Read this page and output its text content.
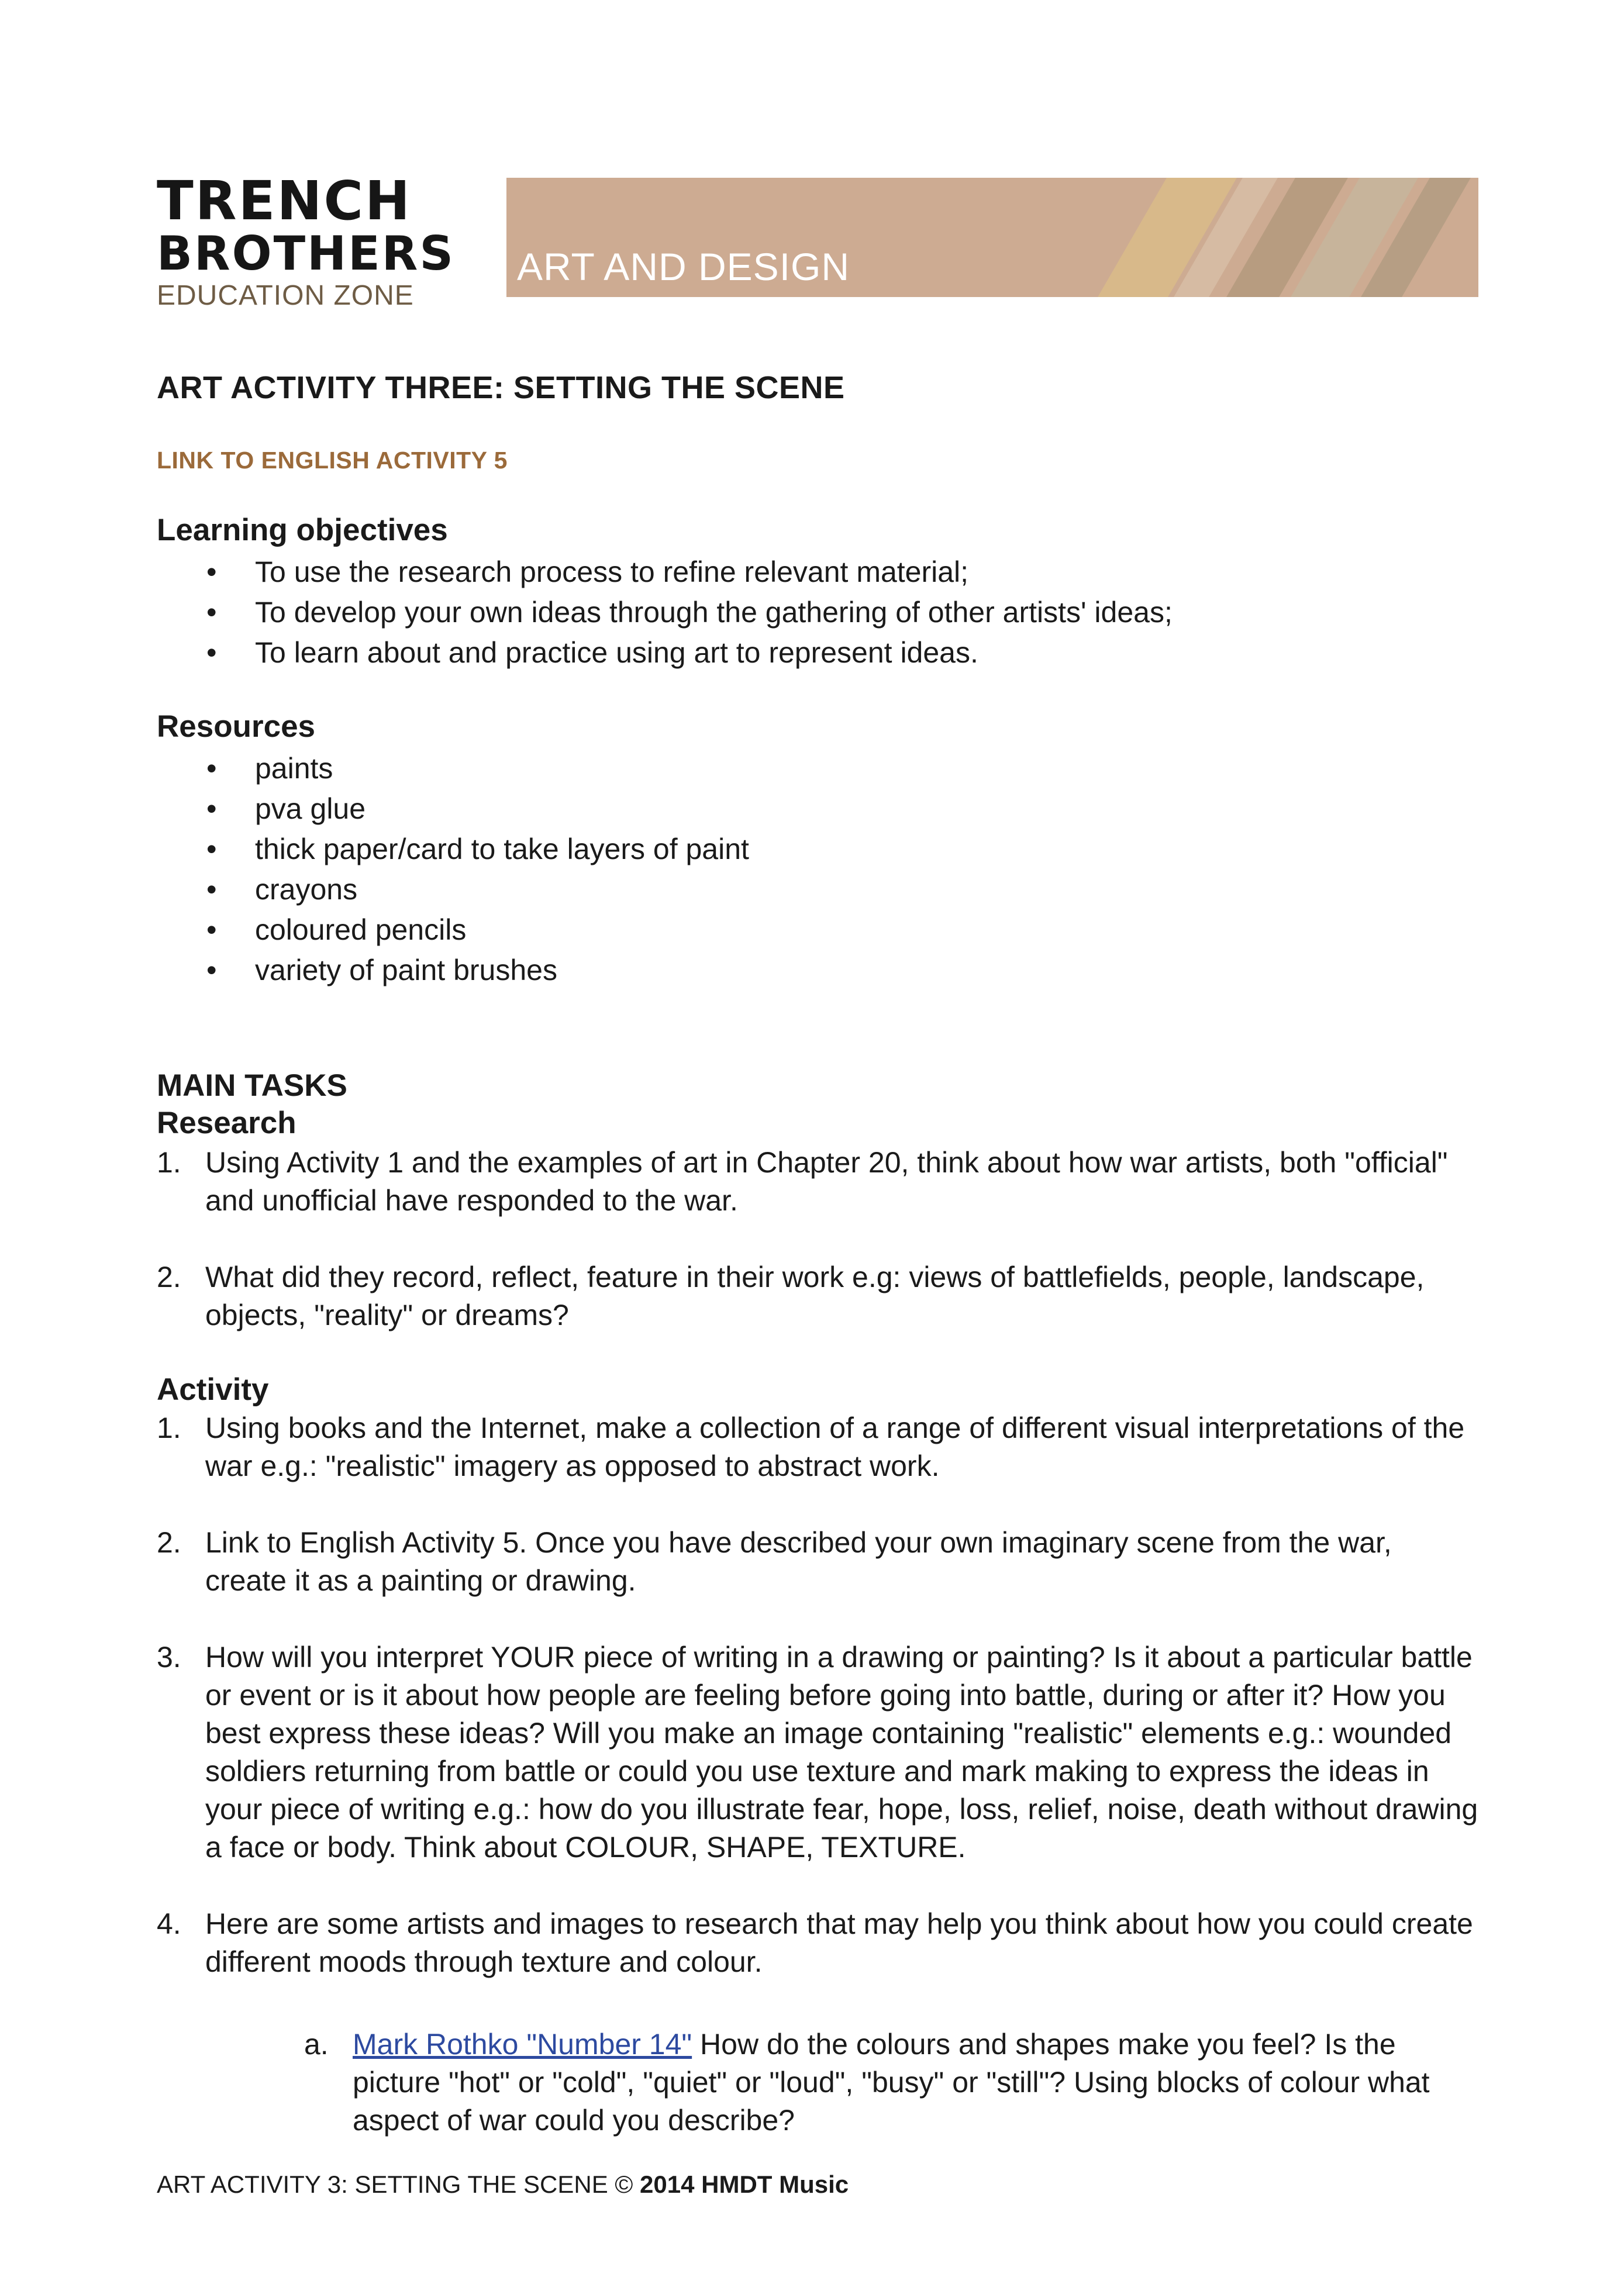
TRENCH
BROTHERS
EDUCATION ZONE
ART AND DESIGN
ART ACTIVITY THREE: SETTING THE SCENE
LINK TO ENGLISH ACTIVITY 5
Learning objectives
• To use the research process to refine relevant material;
• To develop your own ideas through the gathering of other artists' ideas;
• To learn about and practice using art to represent ideas.
Resources
• paints
• pva glue
• thick paper/card to take layers of paint
• crayons
• coloured pencils
• variety of paint brushes
MAIN TASKS
Research
1. Using Activity 1 and the examples of art in Chapter 20, think about how war artists, both "official" and unofficial have responded to the war.
2. What did they record, reflect, feature in their work e.g: views of battlefields, people, landscape, objects, "reality" or dreams?
Activity
1. Using books and the Internet, make a collection of a range of different visual interpretations of the war e.g.: "realistic" imagery as opposed to abstract work.
2. Link to English Activity 5. Once you have described your own imaginary scene from the war, create it as a painting or drawing.
3. How will you interpret YOUR piece of writing in a drawing or painting? Is it about a particular battle or event or is it about how people are feeling before going into battle, during or after it? How you best express these ideas? Will you make an image containing "realistic" elements e.g.: wounded soldiers returning from battle or could you use texture and mark making to express the ideas in your piece of writing e.g.: how do you illustrate fear, hope, loss, relief, noise, death without drawing a face or body. Think about COLOUR, SHAPE, TEXTURE.
4. Here are some artists and images to research that may help you think about how you could create different moods through texture and colour.
a. Mark Rothko "Number 14" How do the colours and shapes make you feel? Is the picture "hot" or "cold", "quiet" or "loud", "busy" or "still"? Using blocks of colour what aspect of war could you describe?
ART ACTIVITY 3: SETTING THE SCENE © 2014 HMDT Music
